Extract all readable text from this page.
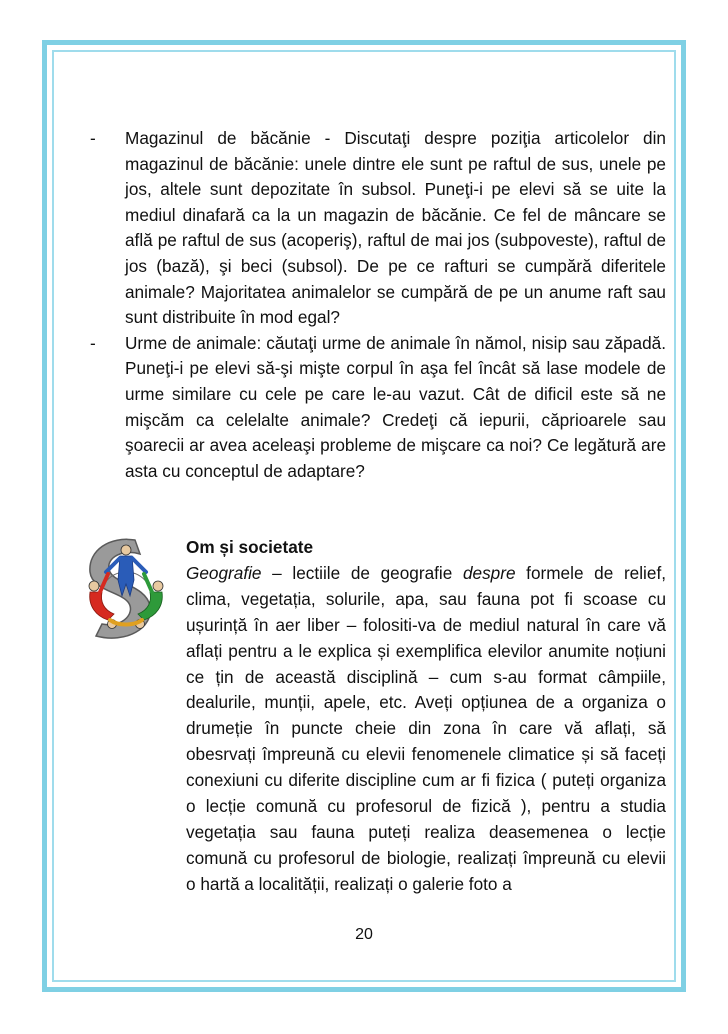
- Magazinul de băcănie - Discutaţi despre poziţia articolelor din magazinul de băcănie: unele dintre ele sunt pe raftul de sus, unele pe jos, altele sunt depozitate în subsol. Puneţi-i pe elevi să se uite la mediul dinafară ca la un magazin de băcănie. Ce fel de mâncare se află pe raftul de sus (acoperiş), raftul de mai jos (subpoveste), raftul de jos (bază), şi beci (subsol). De pe ce rafturi se cumpără diferitele animale? Majoritatea animalelor se cumpără de pe un anume raft sau sunt distribuite în mod egal?
- Urme de animale: căutaţi urme de animale în nămol, nisip sau zăpadă. Puneţi-i pe elevi să-şi mişte corpul în aşa fel încât să lase modele de urme similare cu cele pe care le-au vazut. Cât de dificil este să ne mişcăm ca celelalte animale? Credeţi că iepurii, căprioarele sau şoarecii ar avea aceleaşi probleme de mişcare ca noi? Ce legătură are asta cu conceptul de adaptare?
Om și societate
Geografie – lectiile de geografie despre formele de relief, clima, vegetația, solurile, apa, sau fauna pot fi scoase cu ușurință în aer liber – folositi-va de mediul natural în care vă aflați pentru a le explica și exemplifica elevilor anumite noțiuni ce țin de această disciplină – cum s-au format câmpiile, dealurile, munții, apele, etc. Aveți opțiunea de a organiza o drumeție în puncte cheie din zona în care vă aflați, să obesrvați împreună cu elevii fenomenele climatice și să faceți conexiuni cu diferite discipline cum ar fi fizica ( puteți organiza o lecție comună cu profesorul de fizică ), pentru a studia vegetația sau fauna puteți realiza deasemenea o lecție comună cu profesorul de biologie, realizați împreună cu elevii o hartă a localității, realizați o galerie foto a
20
